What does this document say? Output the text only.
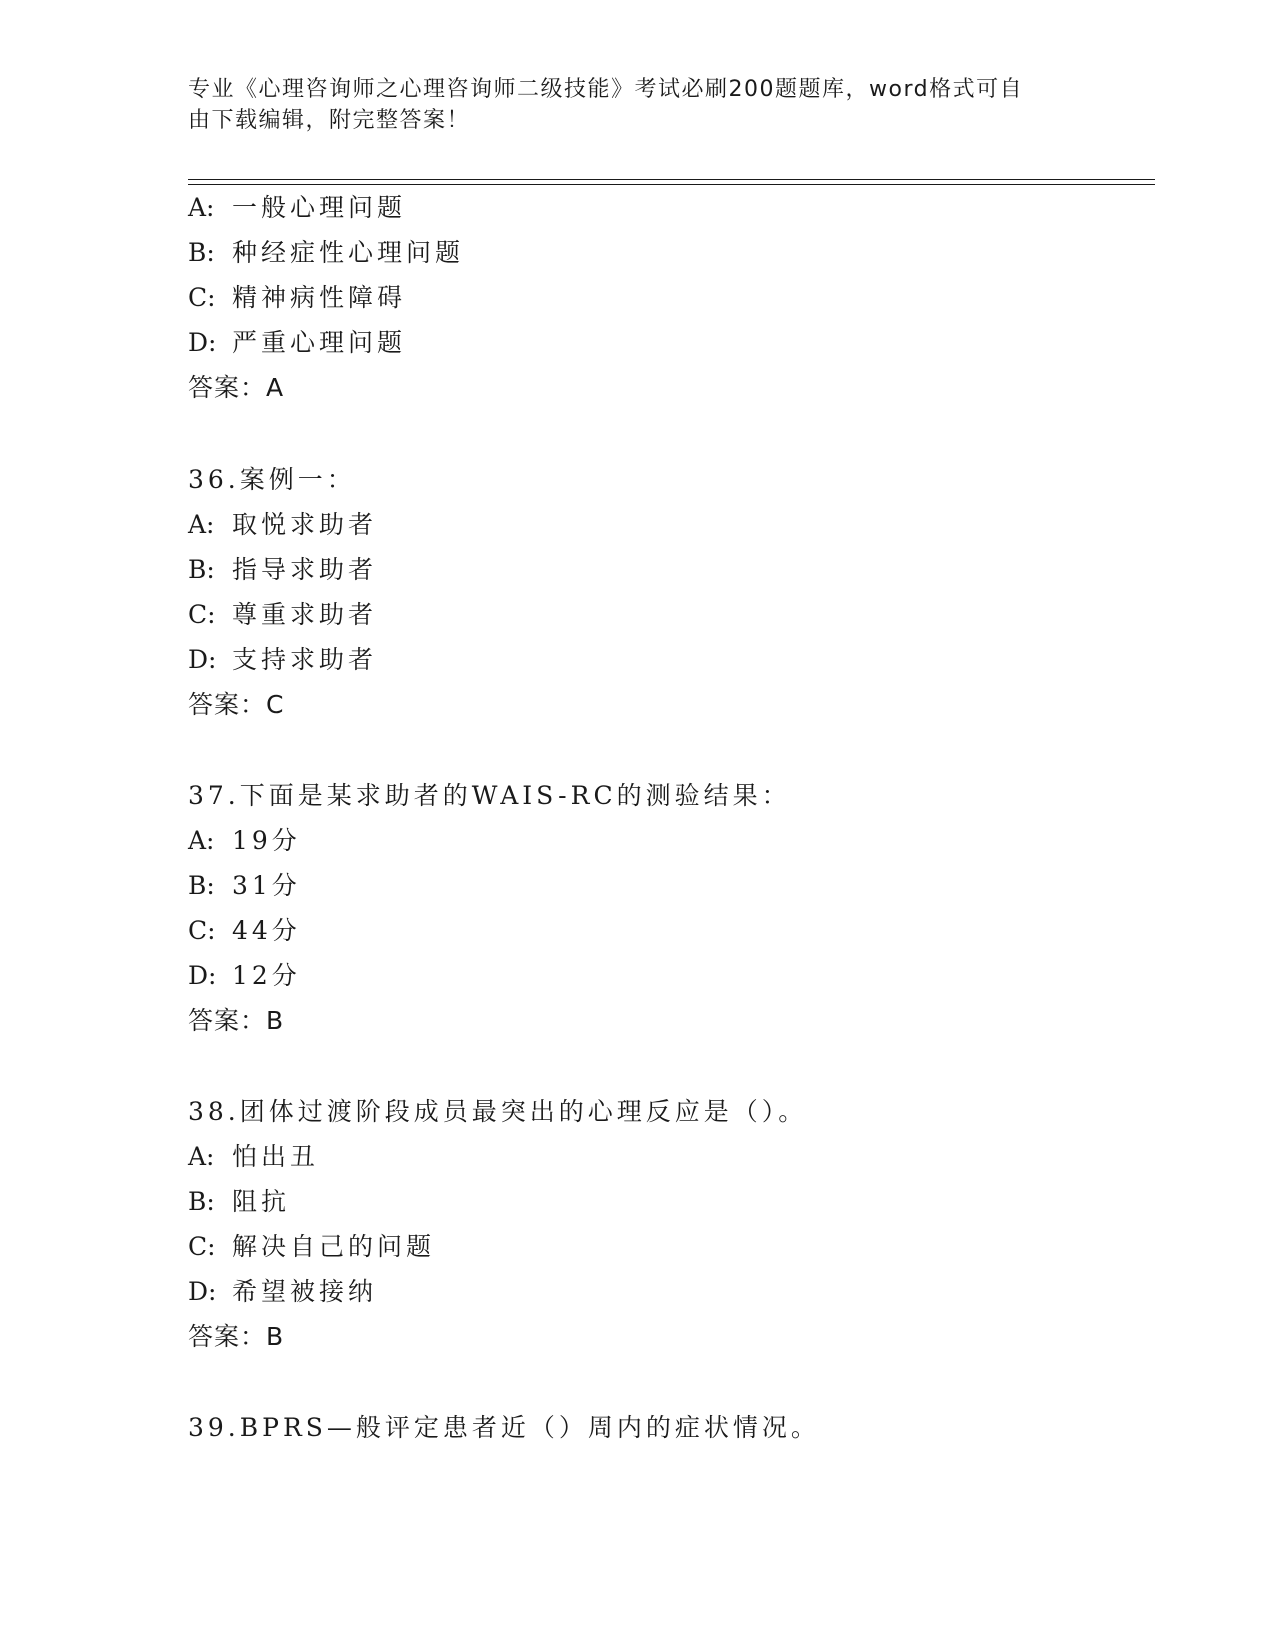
专业《心理咨询师之心理咨询师二级技能》考试必刷200题题库，word格式可自
由下载编辑，附完整答案！
A: 一般心理问题
B: 种经症性心理问题
C: 精神病性障碍
D: 严重心理问题
答案：A
36.案例一：
A: 取悦求助者
B: 指导求助者
C: 尊重求助者
D: 支持求助者
答案：C
37.下面是某求助者的WAIS-RC的测验结果：
A: 19分
B: 31分
C: 44分
D: 12分
答案：B
38.团体过渡阶段成员最突出的心理反应是（）。
A: 怕出丑
B: 阻抗
C: 解决自己的问题
D: 希望被接纳
答案：B
39.BPRS—般评定患者近（）周内的症状情况。
